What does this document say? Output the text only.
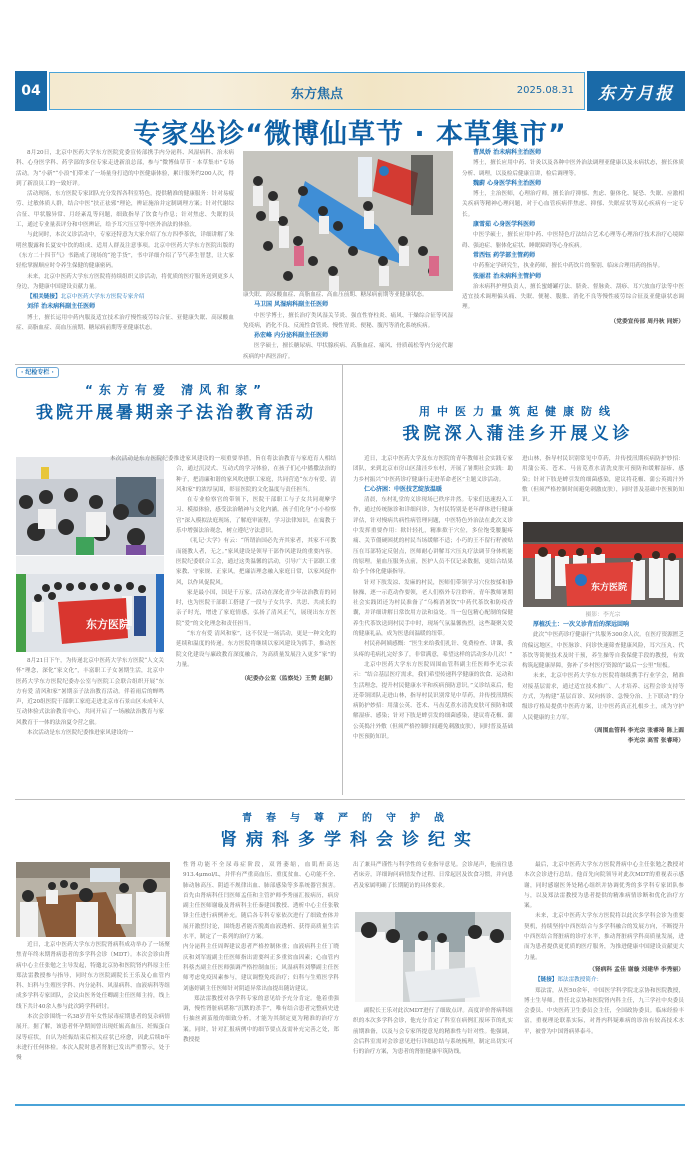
04	东方焦点	2025.08.31 东方月报
专家坐诊“微博仙草节 · 本草集市”

8月20日，北京中医药大学东方医院党委宣传部携手内分泌科、风湿病科、治未病科、心身医学科、药学部的多位专家走进新浪总部，参与“微博仙草节 · 本草集市”专场活动。为“小新”“小浪”们带来了一场量身打造的中医健康体验，累计服务约200人次，得到了新浪员工的一致好评。

活动现场，东方医院专家团队充分发挥各科室特色，提供精准的健康服务：针对易疲劳、过敏体质人群，结合中医“扶正祛邪”理论，辨证施治并定制调理方案；针对代谢综合征、甲状腺异常、月经紊乱等问题，细致指导了饮食与作息；针对焦虑、失眠的员工，通过专业量表评分和中医辨证，给予耳穴压豆等中医外治法的体验。

与此同时，本次义诊活动中，专家还特意为大家介绍了东方四季茶饮，详细讲解了朱明丝腹露和长夏安中饮的组成、适用人群及注意事项。北京中医药大学东方医院出版的《东方二十四节气》书籍成了现场的“抢手货”，书中详细介绍了节气养生智慧，让大家轻松掌握顺应时令养生保健的健康密码。

未来，北京中医药大学东方医院将持续组织义诊活动，将优质的医疗服务送到更多人身边，为健康中国建设贡献力量。

【相关链接】北京中医药大学东方医院专家介绍

刘洋 治未病科副主任医师

博士，擅长运用中药内服及适宜技术治疗慢性疲劳综合征、亚健康失眠、高尿酸血症、高脂血症、高血压前期、糖尿病前期等亚健康状态。

康失眠、高尿酸血症、高脂血症、高血压前期、糖尿病前期等亚健康状态。

马卫国 风湿病科副主任医师

中医学博士，擅长治疗类风湿关节炎、强直性脊柱炎、痛风、干燥综合征等风湿免疫病，消化不良、反流性食管炎、慢性胃炎、便秘、腹泻等消化系统疾病。

孙宏峰 内分泌科副主任医师

医学硕士，擅长糖尿病、甲状腺疾病、高脂血症、痛风、骨质疏松等内分泌代谢疾病的中西医治疗。

曹凤娇 治未病科主治医师

博士，擅长应用中药、针灸以及各种中医外治法调理亚健康以及未病状态，擅长体质分析、调理，以及检后健康宣讲，检后调理等。

魏蔚 心身医学科主治医师

博士，主治医师，心理治疗师，擅长治疗抑郁、焦虑、躯体化、疑恐、失眠、应激相关疾病等精神心理问题，对于心血管疾病伴焦虑、抑郁、失眠症状等双心疾病有一定专长。

康雪茹 心身医学科医师

中医学硕士，擅长应用中药、中医特色疗法结合艺术心理等心理治疗技术治疗心境障碍、强迫症、躯体化症状、睡眠障碍等心身疾病。

常西钰 药学部主管药师

中药鉴定学研究生，执业药师，擅长中药饮片的鉴别、临床合理用药的指导。

张丽君 治未病科主管护师

治未病科护理负责人，擅长蜜蜡罐疗法、脐灸、督脉灸、刮痧、耳穴放血疗法等中医适宜技术调理偏头痛、失眠、便秘、腹胀、消化不良等慢性疲劳综合征及亚健康状态调理。

（党委宣传部 周丹秋 同妍）

· 纪检专栏 ·
“东方有爱 清风和家”
我院开展暑期亲子法治教育活动
东方医院

8月21日下午，为传递北京中医药大学东方医院“人文关怀”理念，深化“家文化”，丰富职工子女暑期生活，北京中医药大学东方医院纪委办公室与医院工会联合组织开展“东方有爱 清风和家”暑期亲子法治教育活动。伴着雨后的蝉鸣声，近20组医院干部职工家庭走进北京市石景山区未成年人互动体验式法治教育中心，共同开启了一场融法治教育与家风教育于一体的法治夏令营之旅。

本次活动是东方医院纪委推进家风建设的一

本次活动是东方医院纪委推进家风建设的一项重要举措，旨在将法治教育与家庭育人相结合，通过沉浸式、互动式的学习体验，在孩子们心中播撒法治的种子，把清廉和谐的家风吹进职工家庭，共同营造“东方有爱、清风和家”的浓厚氛围，彰显医院的文化温度与责任担当。

在专业检察官的带领下，医院干部职工与子女共同观摩学习、模拟体验，感受法治精神与文化内涵。孩子们化身“小小检察官”深入模拟法庭现场，了解庭审流程，学习法律知识，在寓教于乐中增强法治观念，树立遵纪守法意识。

《礼记·大学》有云：“所谓治国必先齐其家者，其家不可教而能教人者，无之。”家风建设是领导干部作风建设的重要内容。医院纪委联合工会，通过这类温馨的活动，引导广大干部职工重家教、守家规、正家风，把廉洁理念融入家庭日常，以家风促作风，以作风促院风。

家是最小国，国是千万家。活动在深化青少年法治教育的同时，也为医院干部职工搭建了一段与子女共学、共思、共成长的亲子时光，增进了家庭情感，弘扬了清风正气，展现出东方医院“爱”的文化理念和责任担当。

“东方有爱 清风和家”，这不仅是一场活动，更是一种文化的延续和温度的传递。东方医院将继续以家风建设为抓手，推动医院文化建设与廉政教育深度融合，为高质量发展注入更多“家”的力量。

（纪委办公室（监察处）王赞 赵颖）

用中医力量筑起健康防线
我院深入蒲洼乡开展义诊

近日，北京中医药大学及东方医院的青年教师社会实践专家团队，来到北京市房山区蒲洼乡东村，开展了暑期社会实践：助力乡村振兴“中医药诊疗健康行走进革命老区”主题义诊活动。

仁心济困：中医技艺绽放温暖

清晨，东村礼堂的义诊现场已秩序井然。专家们迅速投入工作，通过传统脉诊和详细问诊，为村民特别是老年群体进行健康评估，针对慢病共病性病管理问题，中医特色外治法在此次义诊中发挥重要作用：揿针轻扎，精准揿于穴位，多位饱受腰腿疼痛、关节僵硬困扰的村民当场缓解不适；小巧的王不留行籽被贴压在耳部特定反射点，医师耐心讲解耳穴压丸疗法调节身体机能的原理。量血压服务点前，医护人员不仅记录数据，更结合结果给予个体化健康指导。

针对下肢发凉、发麻的村民，医师们带领学习穴位按揉和静脉操，逐一示范动作要领，老人们格外专注聆听。青年教师暑期社会实践团还为村民准备了“乌梅消暑饮”中药代茶饮和防疫香囊，并详细讲解日常饮用方法和益处。当一包包精心配制的保健养生代茶饮送到村民手中时，现场气氛温馨热烈，这些凝聚关爱的健康礼品，成为医患间温暖的纽带。

村民孙阿姨感慨：“医生来给我们扎针、免费检查、讲课，我头疼的毛病扎完好多了，非常满意，希望这样的活动多办几次！”

北京中医药大学东方医院周围血管科副主任医师李光宗表示：“结合基层医疗需求，我们希望传递科学健康的饮食、运动和生活理念，提升村民健康水平和疾病预防意识。”义诊结束后，他还带领团队走进山林，指导村民识别常见中草药，并传授汛期疾病防护妙招：用蒲公英、苍术、马齿苋煮水清洗皮肤可预防和缓解湿疹、感染；针对下肢是蜱引发的细菌感染，建议将花椒、蒲公英捣汁外敷（但须严格控制时间避免刺激皮肤），同时普及基础中医预防知识。

进山林，指导村民识别常见中草药，并传授汛期疾病防护妙招：用蒲公英、苍术、马齿苋煮水清洗皮肤可预防和缓解湿疹、感染；针对下肢是蜱引发的细菌感染，建议将花椒、蒲公英捣汁外敷（但须严格控制时间避免刺激皮肤），同时普及基础中医预防知识。

东方医院
摄影：李光宗

厚植沃土：一次义诊背后的深远回响

此次“中医药诊疗健康行”共服务300余人次。在医疗资源匮乏的偏远地区，中医脉诊、问诊快速筛查健康风险，耳穴压丸、代茶饮等简便技术及时干预，养生操等自我保健手段的教授，有效构筑起健康屏障，弥补了乡村医疗资源的“最后一公里”短板。

未来，北京中医药大学东方医院将继续携手行业学会，精准对接基层需求，通过适宜技术推广、人才培养、远程会诊支持等方式，为构建“基层首诊、双向转诊、急慢分治、上下联动”的分级诊疗格局提供中医药方案，让中医药真正扎根乡土，成为守护人民健康的主力军。

（周围血管科 李光宗 张睿琦 陈上圆

李光宗 高雪 张睿琦）

青春与尊严的守护战
肾病科多学科会诊纪实

近日，北京中医药大学东方医院肾病科成功举办了一场聚焦青年终末期肾病患者的多学科会诊（MDT）。本次会诊由肾病中心主任张勉之主导发起，特邀北京协和医院肾内科原主任郑法雷教授参与指导，同时东方医院副院长王乐及心血管内科、妇科与生殖医学科、内分泌科、风湿病科、血液病科等组成多学科专家团队，会议由医务处任卿副主任医师主持，线上线下共计40余人参与此次跨学科研讨。

本次会诊围绕一名38岁青年女性尿毒症期患者的复杂病情展开。据了解，该患者怀孕期间曾出现妊娠高血压、妊娠蛋白尿等症状，自认为妊娠结束后相关症状已痊愈，因此后续8年未进行任何体检。本次入院时患者肾脏已发出严重警示，处于慢

性肾功能不全尿毒症阶段，双肾萎缩，血肌酐高达913.4μmol/L，并伴有严重高血压、重度贫血、心功能不全、肺动脉高压、阴道不规律出血、肺部感染等多系统器官损害。首先由肾病科任闫医师孟佳和主管护师李秀丽汇报病历，病房副主任医师谢璇及肾病科主任秦建国教授、透析中心主任张敬锋主任进行病例补充。随后各专科专家依次进行了细致查体并展开激烈讨论，围绕患者能否脱离血液透析、获得高质量生活水平，制定了一系列的治疗方案。

内分泌科主任周晖建议患者严格控制体重；血液病科主任丁晓庆和刘军霞副主任医师指出需要纠正多重贫血因素；心血管内科蔡杰副主任医师强调严格控制血压；风湿病科刘攀副主任医师考虑免疫因素参与，建议调整免疫治疗；妇科与生殖医学科刘惠婷副主任医师针对阴道异常出血提出随访建议。

郑法雷教授对各学科专家的意见给予充分肯定。他着重强调，慢性肾脏病堪称“沉默的杀手”，唯有结合患者完整病史进行抽丝剥茧般的细致分析，才能为其制定更为精准的治疗方案。同时，针对汇报病例中的细节要点及需补充完善之处，郑教授提

出了兼具严谨性与科学性的专业指导意见。会诊尾声，他前往患者床旁，详细询问病情发作过程、日常起居及饮食习惯，并向患者及家属明确了长期随访的具体要求。

副院长王乐对此次MDT进行了细致点评。高度评价肾病科组织的本次多学科会诊，他充分肯定了科室在病例汇报环节的扎实前期准备，以及与会专家所提意见的精准性与针对性。他强调，会后科室需对会诊意见进行详细总结与系统梳理，制定出切实可行的治疗方案，为患者的肾脏健康牢筑防线。

最后，北京中医药大学东方医院肾病中心主任张勉之教授对本次会诊进行总结。他首先向院领导对此次MDT的重视表示感谢，同时感谢医务处精心组织并协调优秀的多学科专家团队参与，以及郑法雷教授为患者提供的精准病情诊断和优化治疗方案。

未来，北京中医药大学东方医院将以此次多学科会诊为重要契机，持续坚持中西医结合与多学科融合的发展方向，不断提升中西医结合肾脏病的诊疗水平，推动肾脏病学科高质量发展，进而为患者提供更优质的医疗服务，为推进健康中国建设贡献更大力量。

（肾病科 孟佳 谢璇 刘建华 李秀丽）

【链接】郑法雷教授简介：

郑法雷，从医50余年，中国医学科学院北京协和医院教授，博士生导师。曾任北京协和医院肾内科主任，九三学社中央委员会委员、中央医药卫生委员会主任，全国政协委员。临床经验丰富，重视理论联系实际，对肾内科疑难病的诊治有较高技术水平，被誉为中国肾病界泰斗。
